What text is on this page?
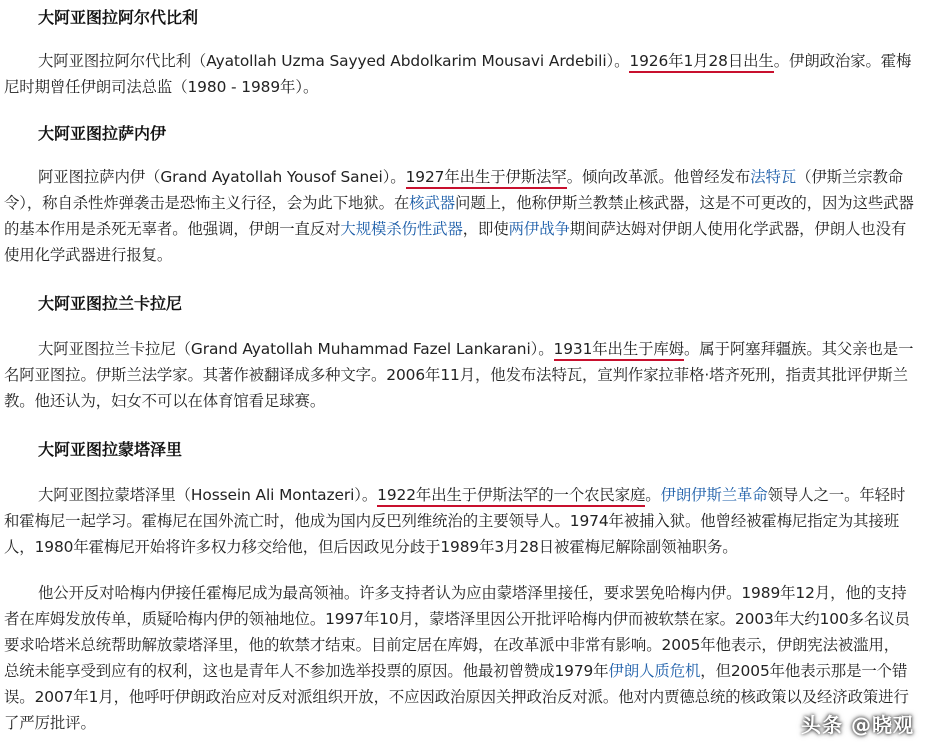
大阿亚图拉阿尔代比利

大阿亚图拉阿尔代比利（Ayatollah Uzma Sayyed Abdolkarim Mousavi Ardebili）。1926年1月28日出生。伊朗政治家。霍梅尼时期曾任伊朗司法总监（1980 - 1989年）。

大阿亚图拉萨内伊

阿亚图拉萨内伊（Grand Ayatollah Yousof Sanei）。1927年出生于伊斯法罕。倾向改革派。他曾经发布法特瓦（伊斯兰宗教命令），称自杀性炸弹袭击是恐怖主义行径，会为此下地狱。在核武器问题上，他称伊斯兰教禁止核武器，这是不可更改的，因为这些武器的基本作用是杀死无辜者。他强调，伊朗一直反对大规模杀伤性武器，即使两伊战争期间萨达姆对伊朗人使用化学武器，伊朗人也没有使用化学武器进行报复。

大阿亚图拉兰卡拉尼

大阿亚图拉兰卡拉尼（Grand Ayatollah Muhammad Fazel Lankarani）。1931年出生于库姆。属于阿塞拜疆族。其父亲也是一名阿亚图拉。伊斯兰法学家。其著作被翻译成多种文字。2006年11月，他发布法特瓦，宣判作家拉菲格·塔齐死刑，指责其批评伊斯兰教。他还认为，妇女不可以在体育馆看足球赛。

大阿亚图拉蒙塔泽里

大阿亚图拉蒙塔泽里（Hossein Ali Montazeri）。1922年出生于伊斯法罕的一个农民家庭。伊朗伊斯兰革命领导人之一。年轻时和霍梅尼一起学习。霍梅尼在国外流亡时，他成为国内反巴列维统治的主要领导人。1974年被捕入狱。他曾经被霍梅尼指定为其接班人，1980年霍梅尼开始将许多权力移交给他，但后因政见分歧于1989年3月28日被霍梅尼解除副领袖职务。

他公开反对哈梅内伊接任霍梅尼成为最高领袖。许多支持者认为应由蒙塔泽里接任，要求罢免哈梅内伊。1989年12月，他的支持者在库姆发放传单，质疑哈梅内伊的领袖地位。1997年10月，蒙塔泽里因公开批评哈梅内伊而被软禁在家。2003年大约100多名议员要求哈塔米总统帮助解放蒙塔泽里，他的软禁才结束。目前定居在库姆，在改革派中非常有影响。2005年他表示，伊朗宪法被滥用，总统未能享受到应有的权利，这也是青年人不参加选举投票的原因。他最初曾赞成1979年伊朗人质危机，但2005年他表示那是一个错误。2007年1月，他呼吁伊朗政治应对反对派组织开放，不应因政治原因关押政治反对派。他对内贾德总统的核政策以及经济政策进行了严厉批评。	头条 @晓观
